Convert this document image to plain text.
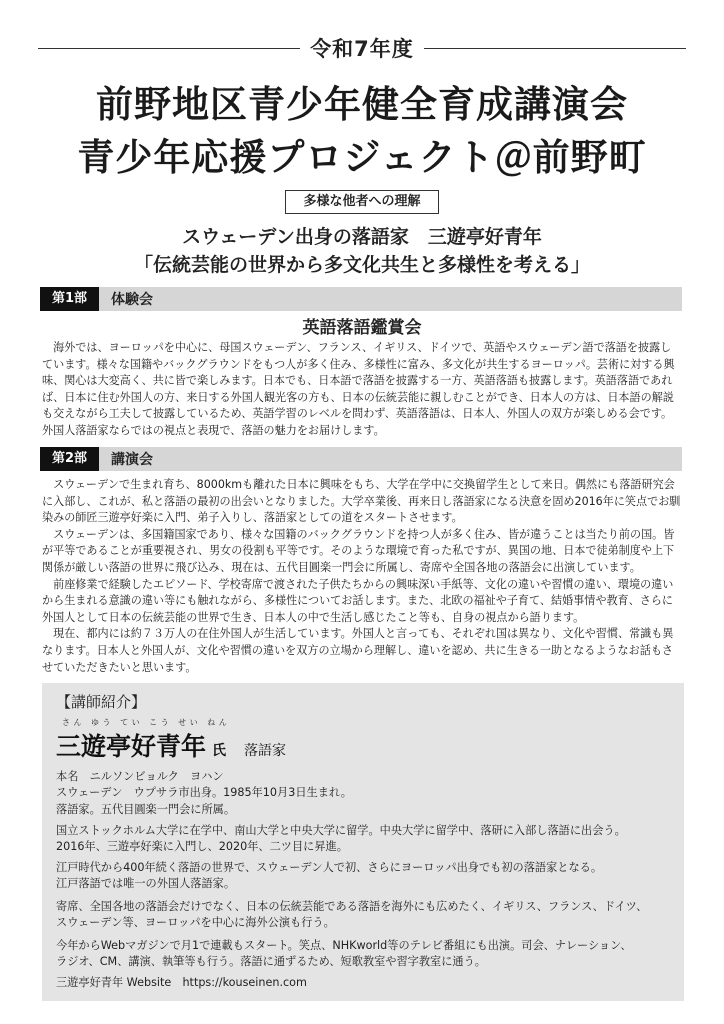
令和7年度
前野地区青少年健全育成講演会
青少年応援プロジェクト＠前野町
多様な他者への理解
スウェーデン出身の落語家　三遊亭好青年
「伝統芸能の世界から多文化共生と多様性を考える」
第1部	体験会
英語落語鑑賞会

海外では、ヨーロッパを中心に、母国スウェーデン、フランス、イギリス、ドイツで、英語やスウェーデン語で落語を披露しています。様々な国籍やバックグラウンドをもつ人が多く住み、多様性に富み、多文化が共生するヨーロッパ。芸術に対する興味、関心は大変高く、共に皆で楽しみます。日本でも、日本語で落語を披露する一方、英語落語も披露します。英語落語であれば、日本に住む外国人の方、来日する外国人観光客の方も、日本の伝統芸能に親しむことができ、日本人の方は、日本語の解説も交えながら工夫して披露しているため、英語学習のレベルを問わず、英語落語は、日本人、外国人の双方が楽しめる会です。外国人落語家ならではの視点と表現で、落語の魅力をお届けします。

第2部	講演会

スウェーデンで生まれ育ち、8000kmも離れた日本に興味をもち、大学在学中に交換留学生として来日。偶然にも落語研究会に入部し、これが、私と落語の最初の出会いとなりました。大学卒業後、再来日し落語家になる決意を固め2016年に笑点でお馴染みの師匠三遊亭好楽に入門、弟子入りし、落語家としての道をスタートさせます。

スウェーデンは、多国籍国家であり、様々な国籍のバックグラウンドを持つ人が多く住み、皆が違うことは当たり前の国。皆が平等であることが重要視され、男女の役割も平等です。そのような環境で育った私ですが、異国の地、日本で徒弟制度や上下関係が厳しい落語の世界に飛び込み、現在は、五代目圓楽一門会に所属し、寄席や全国各地の落語会に出演しています。

前座修業で経験したエピソード、学校寄席で渡された子供たちからの興味深い手紙等、文化の違いや習慣の違い、環境の違いから生まれる意識の違い等にも触れながら、多様性についてお話します。また、北欧の福祉や子育て、結婚事情や教育、さらに外国人として日本の伝統芸能の世界で生き、日本人の中で生活し感じたこと等も、自身の視点から語ります。

現在、都内には約７３万人の在住外国人が生活しています。外国人と言っても、それぞれ国は異なり、文化や習慣、常識も異なります。日本人と外国人が、文化や習慣の違いを双方の立場から理解し、違いを認め、共に生きる一助となるようなお話もさせていただきたいと思います。

【講師紹介】
さん ゆう てい こう せい ねん
三遊亭好青年 氏 落語家
本名　ニルソンビョルク　ヨハン
スウェーデン　ウプサラ市出身。1985年10月3日生まれ。
落語家。五代目圓楽一門会に所属。
国立ストックホルム大学に在学中、南山大学と中央大学に留学。中央大学に留学中、落研に入部し落語に出会う。
2016年、三遊亭好楽に入門し、2020年、二ツ目に昇進。
江戸時代から400年続く落語の世界で、スウェーデン人で初、さらにヨーロッパ出身でも初の落語家となる。
江戸落語では唯一の外国人落語家。
寄席、全国各地の落語会だけでなく、日本の伝統芸能である落語を海外にも広めたく、イギリス、フランス、ドイツ、
スウェーデン等、ヨーロッパを中心に海外公演も行う。
今年からWebマガジンで月1で連載もスタート。笑点、NHKworld等のテレビ番組にも出演。司会、ナレーション、
ラジオ、CM、講演、執筆等も行う。落語に通ずるため、短歌教室や習字教室に通う。
三遊亭好青年 Website　https://kouseinen.com
